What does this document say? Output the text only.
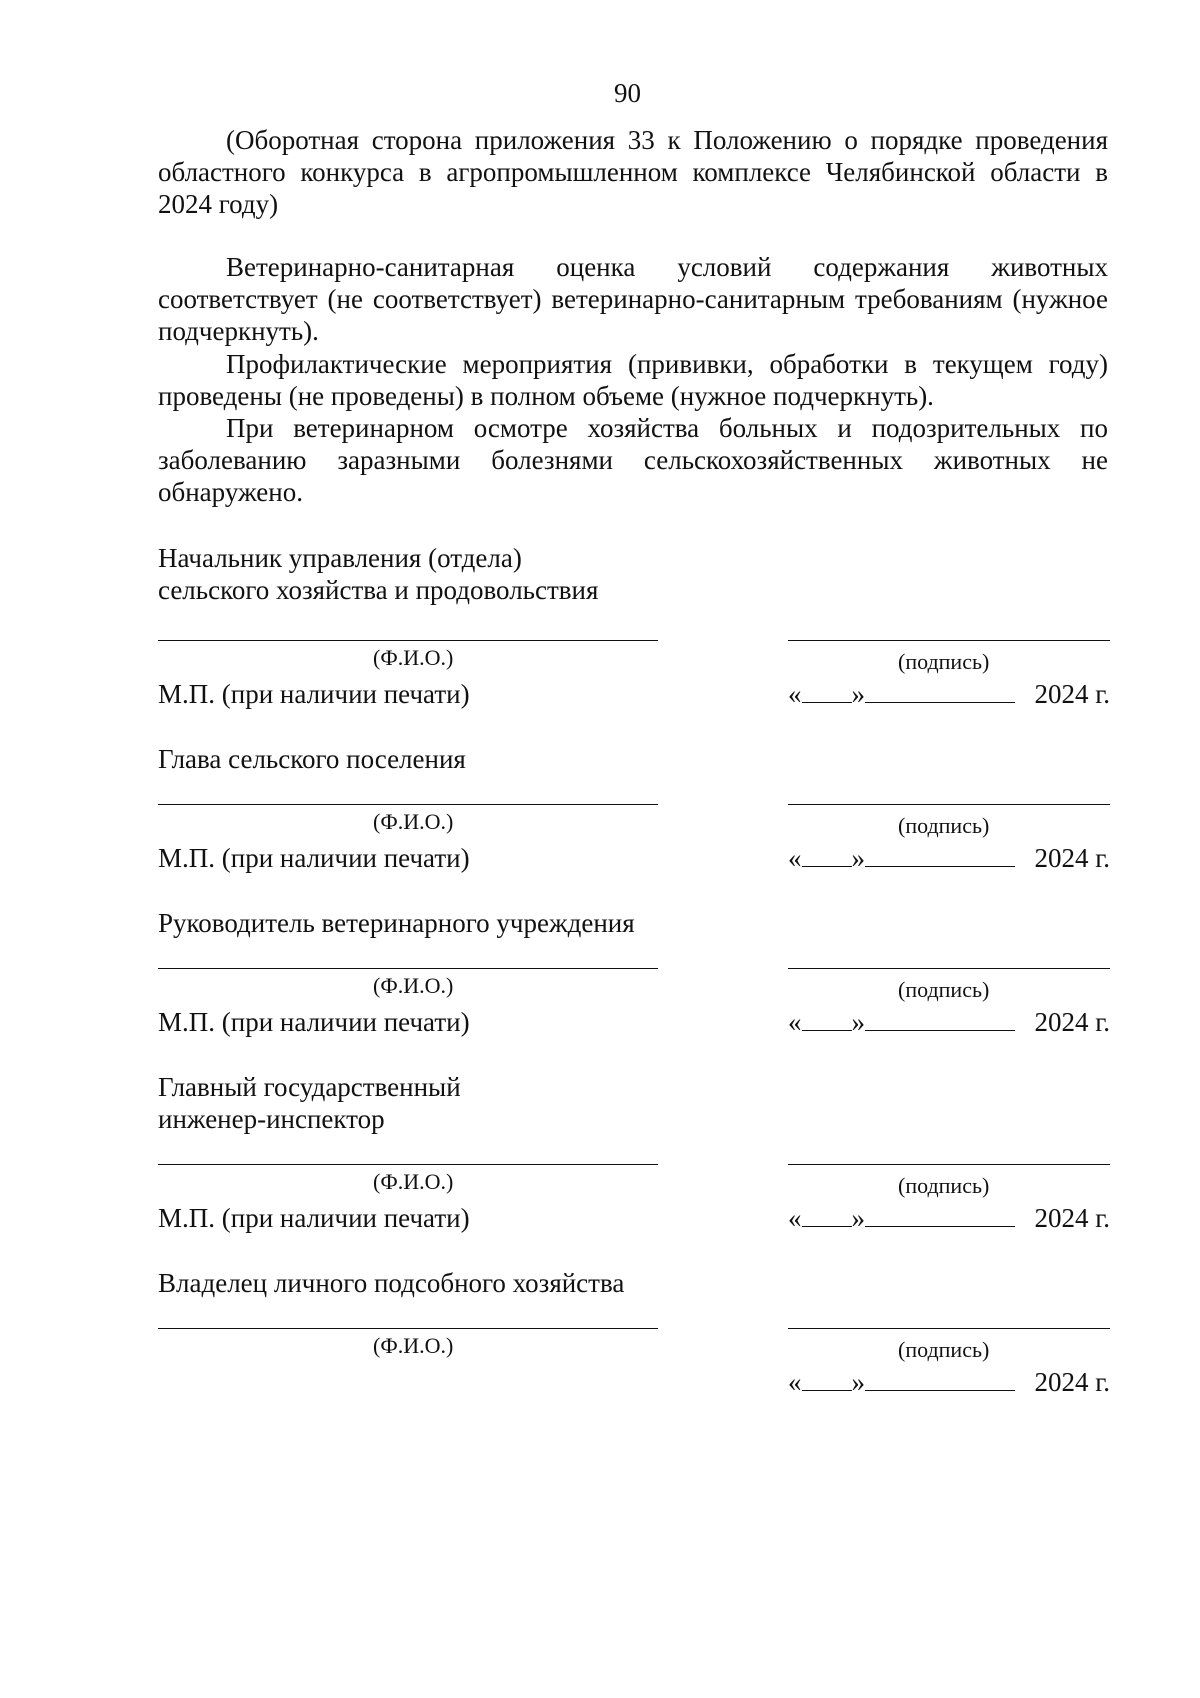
90

(Оборотная сторона приложения 33 к Положению о порядке проведения областного конкурса в агропромышленном комплексе Челябинской области в 2024 году)

Ветеринарно-санитарная оценка условий содержания животных соответствует (не соответствует) ветеринарно-санитарным требованиям (нужное подчеркнуть).

Профилактические мероприятия (прививки, обработки в текущем году) проведены (не проведены) в полном объеме (нужное подчеркнуть).

При ветеринарном осмотре хозяйства больных и подозрительных по заболеванию заразными болезнями сельскохозяйственных животных не обнаружено.

Начальник управления (отдела)
сельского хозяйства и продовольствия
(Ф.И.О.)	(подпись)
М.П. (при наличии печати)	« »	2024 г.
Глава сельского поселения
(Ф.И.О.)	(подпись)
М.П. (при наличии печати)	« »	2024 г.
Руководитель ветеринарного учреждения
(Ф.И.О.)	(подпись)
М.П. (при наличии печати)	« »	2024 г.
Главный государственный
инженер-инспектор
(Ф.И.О.)	(подпись)
М.П. (при наличии печати)	« »	2024 г.
Владелец личного подсобного хозяйства
(Ф.И.О.)	(подпись)
« »	2024 г.
